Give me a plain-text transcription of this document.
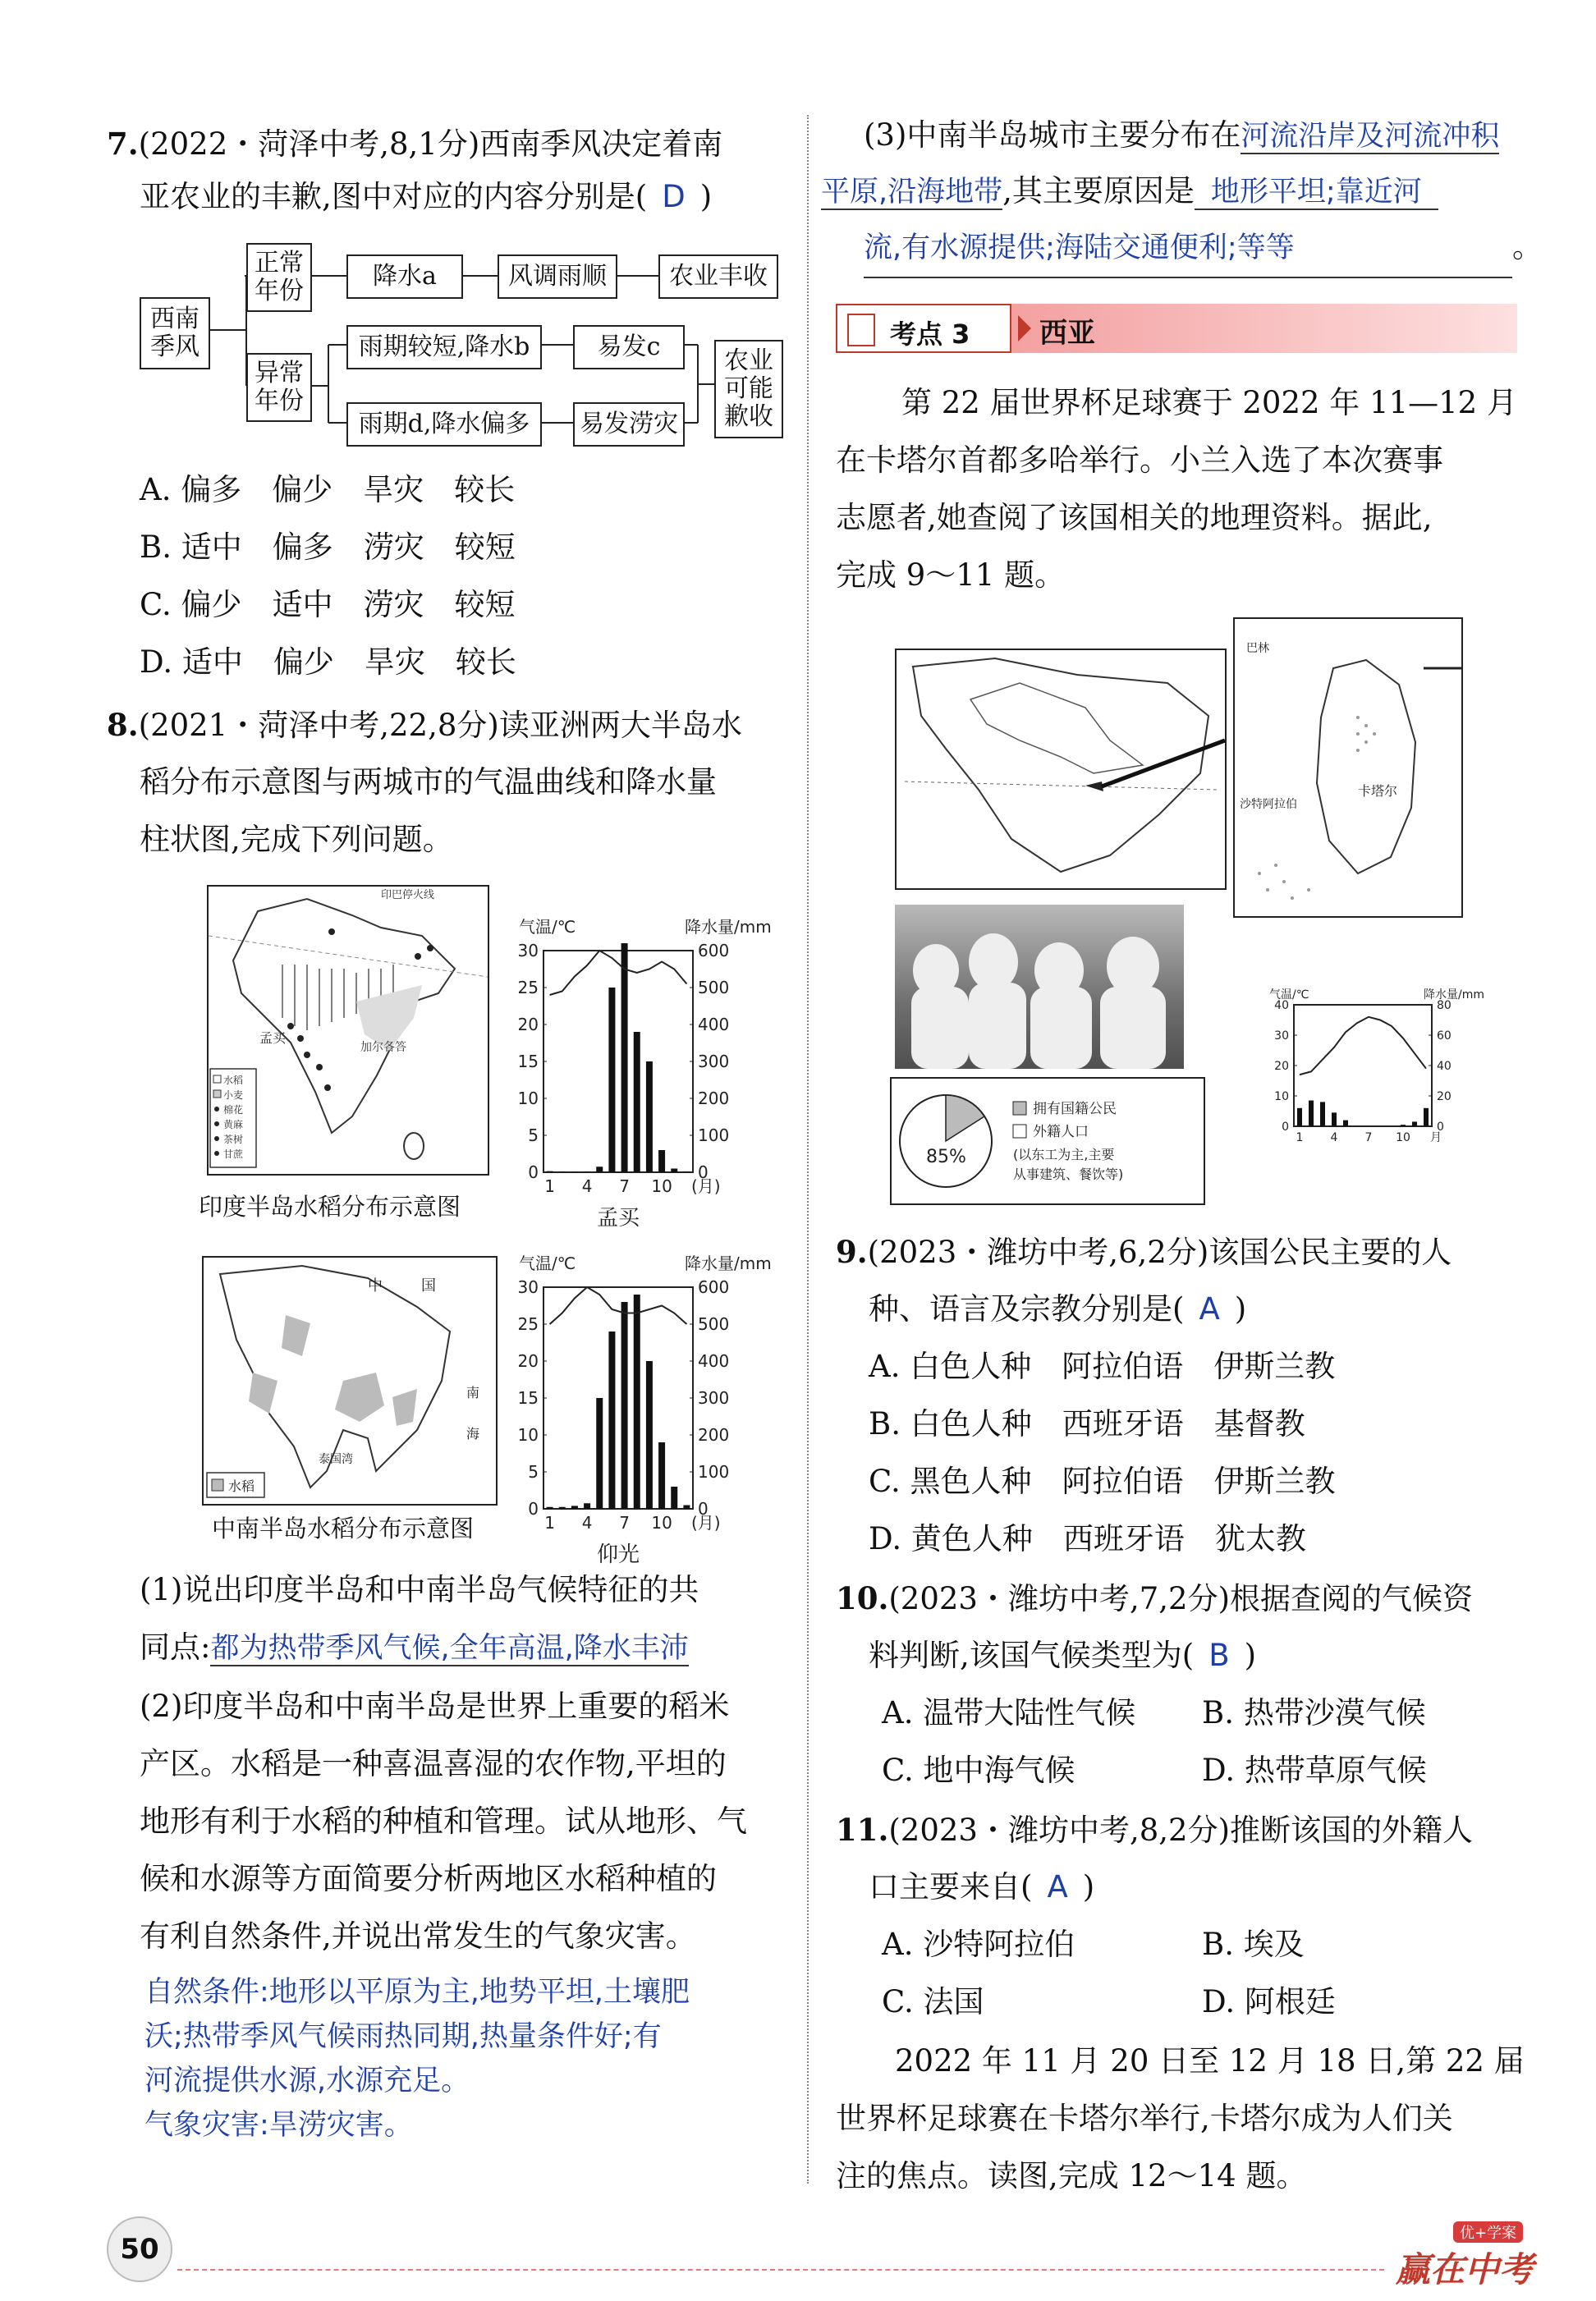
7.(2022・菏泽中考,8,1分)西南季风决定着南
亚农业的丰歉,图中对应的内容分别是( D )
西南季风
正常年份
异常年份
降水a	风调雨顺	农业丰收
雨期较短,降水b	易发c
雨期d,降水偏多	易发涝灾
农业可能歉收
A. 偏多　偏少　旱灾　较长
B. 适中　偏多　涝灾　较短
C. 偏少　适中　涝灾　较短
D. 适中　偏少　旱灾　较长
8.(2021・菏泽中考,22,8分)读亚洲两大半岛水
稻分布示意图与两城市的气温曲线和降水量
柱状图,完成下列问题。
孟买
加尔各答
印巴停火线
水稻
小麦
棉花
黄麻
茶树
甘蔗
印度半岛水稻分布示意图
气温/℃	降水量/mm
0
5
10
15
20
25
30
0
100
200
300
400
500
600
1 4 7 10 (月)
孟买
水稻
中	国
泰国湾
南
海
中南半岛水稻分布示意图
气温/℃	降水量/mm
0
5
10
15
20
25
30
0
100
200
300
400
500
600
1 4 7 10 (月)
仰光
(1)说出印度半岛和中南半岛气候特征的共
同点:都为热带季风气候,全年高温,降水丰沛
(2)印度半岛和中南半岛是世界上重要的稻米
产区。水稻是一种喜温喜湿的农作物,平坦的
地形有利于水稻的种植和管理。试从地形、气
候和水源等方面简要分析两地区水稻种植的
有利自然条件,并说出常发生的气象灾害。
自然条件:地形以平原为主,地势平坦,土壤肥
沃;热带季风气候雨热同期,热量条件好;有
河流提供水源,水源充足。
气象灾害:旱涝灾害。
(3)中南半岛城市主要分布在河流沿岸及河流冲积
平原,沿海地带,其主要原因是 地形平坦;靠近河
流,有水源提供;海陆交通便利;等等	。
考点 3 西亚
第 22 届世界杯足球赛于 2022 年 11—12 月
在卡塔尔首都多哈举行。小兰入选了本次赛事
志愿者,她查阅了该国相关的地理资料。据此,
完成 9～11 题。
巴林
卡塔尔
沙特阿拉伯
85%
拥有国籍公民
外籍人口
(以东工为主,主要
从事建筑、餐饮等)
气温/℃	降水量/mm
0
10
20
30
40
0
20
40
60
80
1 4 7 10 月
9.(2023・潍坊中考,6,2分)该国公民主要的人
种、语言及宗教分别是( A )
A. 白色人种　阿拉伯语　伊斯兰教
B. 白色人种　西班牙语　基督教
C. 黑色人种　阿拉伯语　伊斯兰教
D. 黄色人种　西班牙语　犹太教
10.(2023・潍坊中考,7,2分)根据查阅的气候资
料判断,该国气候类型为( B )
A. 温带大陆性气候 B. 热带沙漠气候
C. 地中海气候	D. 热带草原气候
11.(2023・潍坊中考,8,2分)推断该国的外籍人
口主要来自( A )
A. 沙特阿拉伯	B. 埃及
C. 法国	D. 阿根廷
2022 年 11 月 20 日至 12 月 18 日,第 22 届
世界杯足球赛在卡塔尔举行,卡塔尔成为人们关
注的焦点。读图,完成 12～14 题。
50	优+学案
赢在中考
